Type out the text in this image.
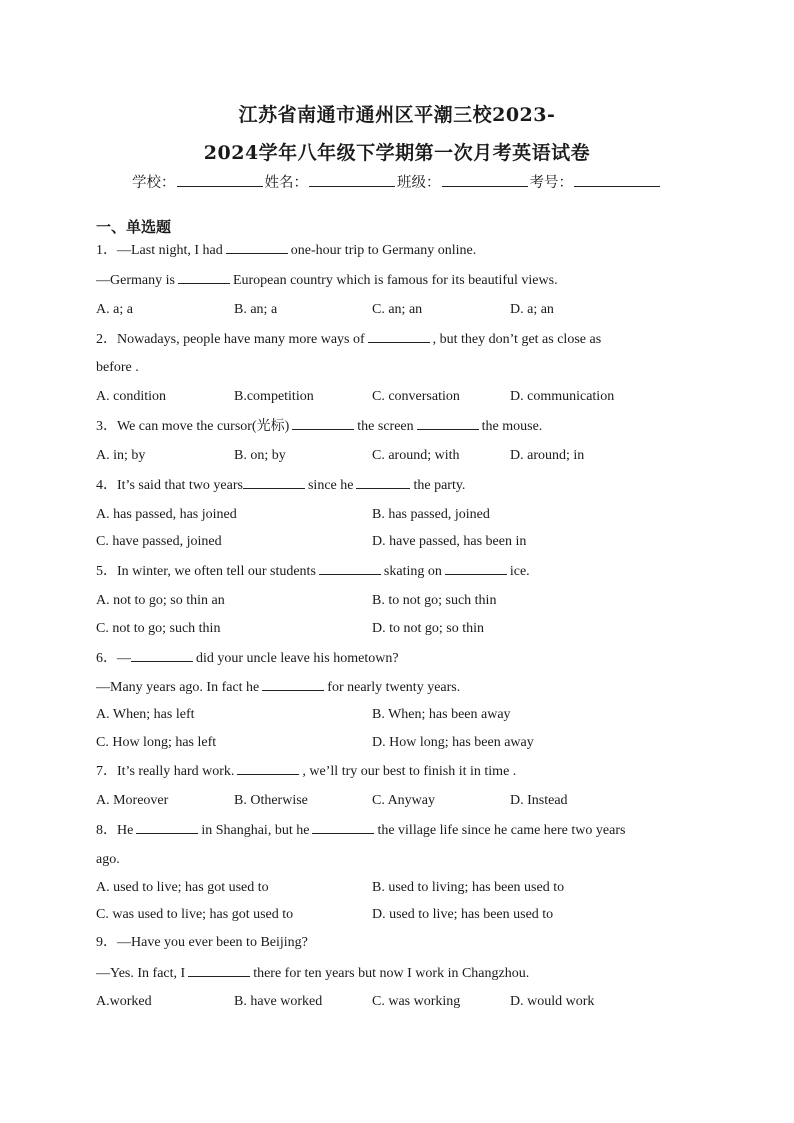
江苏省南通市通州区平潮三校2023-
2024学年八年级下学期第一次月考英语试卷
学校：	姓名：	班级：	考号：
一、单选题
1．—Last night, I had	one-hour trip to Germany online.
—Germany is	European country which is famous for its beautiful views.
A. a; a	B. an; a	C. an; an	D. a; an
2．Nowadays, people have many more ways of	, but they don’t get as close as
before .
A. condition	B.competition	C. conversation	D. communication
3．We can move the cursor(光标)	the screen	the mouse.
A. in; by	B. on; by	C. around; with	D. around; in
4．It’s said that two years	since he	the party.
A. has passed, has joined	B. has passed, joined
C. have passed, joined	D. have passed, has been in
5．In winter, we often tell our students	skating on	ice.
A. not to go; so thin an	B. to not go; such thin
C. not to go; such thin	D. to not go; so thin
6．—	did your uncle leave his hometown?
—Many years ago. In fact he	for nearly twenty years.
A. When; has left	B. When; has been away
C. How long; has left	D. How long; has been away
7．It’s really hard work.	, we’ll try our best to finish it in time .
A. Moreover	B. Otherwise	C. Anyway	D. Instead
8．He	in Shanghai, but he	the village life since he came here two years
ago.
A. used to live; has got used to	B. used to living; has been used to
C. was used to live; has got used to	D. used to live; has been used to
9．—Have you ever been to Beijing?
—Yes. In fact, I	there for ten years but now I work in Changzhou.
A.worked	B. have worked	C. was working	D. would work
